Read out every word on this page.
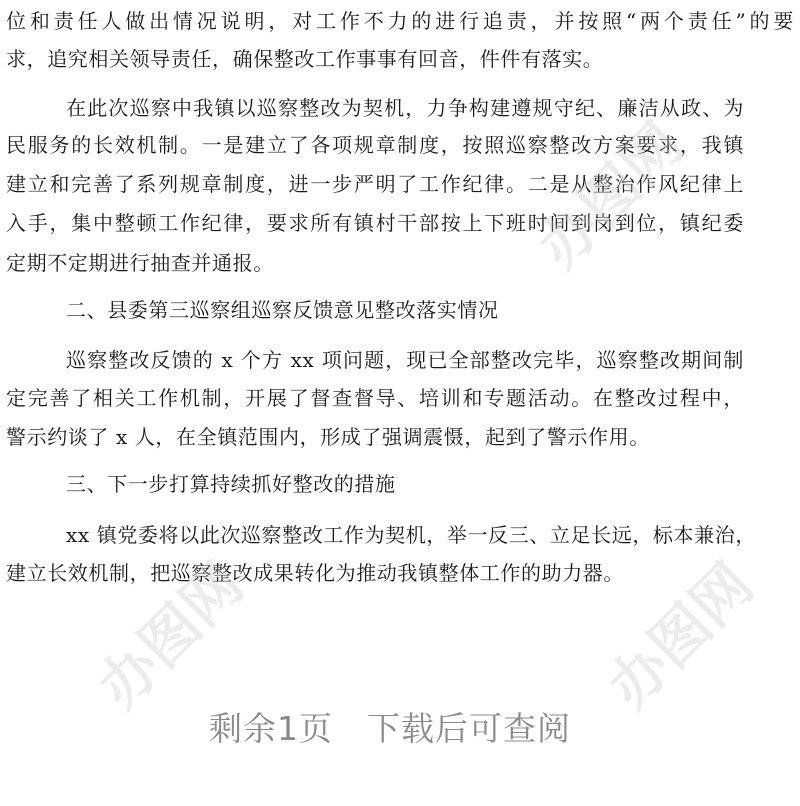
位和责任人做出情况说明，对工作不力的进行追责，并按照“两个责任”的要
求，追究相关领导责任，确保整改工作事事有回音，件件有落实。
在此次巡察中我镇以巡察整改为契机，力争构建遵规守纪、廉洁从政、为
民服务的长效机制。一是建立了各项规章制度，按照巡察整改方案要求，我镇
建立和完善了系列规章制度，进一步严明了工作纪律。二是从整治作风纪律上
入手，集中整顿工作纪律，要求所有镇村干部按上下班时间到岗到位，镇纪委
定期不定期进行抽查并通报。
二、县委第三巡察组巡察反馈意见整改落实情况
巡察整改反馈的 x 个方 xx 项问题，现已全部整改完毕，巡察整改期间制
定完善了相关工作机制，开展了督查督导、培训和专题活动。在整改过程中，
警示约谈了 x 人，在全镇范围内，形成了强调震慑，起到了警示作用。
三、下一步打算持续抓好整改的措施
xx 镇党委将以此次巡察整改工作为契机，举一反三、立足长远，标本兼治，
建立长效机制，把巡察整改成果转化为推动我镇整体工作的助力器。
办图网
办图网	办图网
剩余1页　下载后可查阅
